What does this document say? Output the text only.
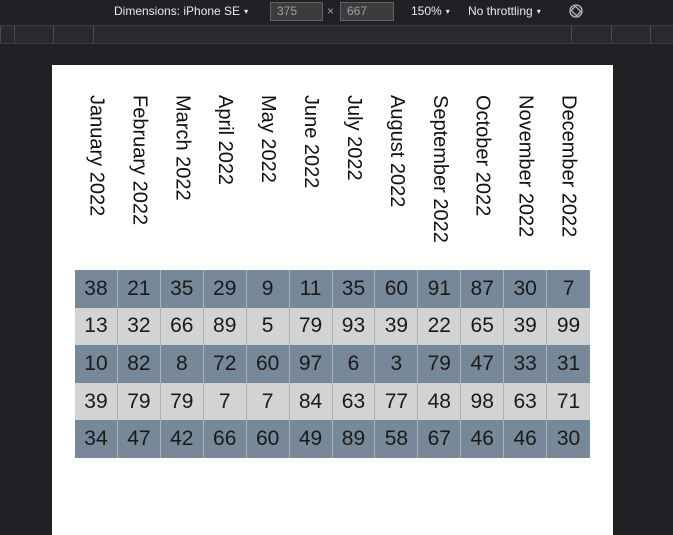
Dimensions: iPhone SE ▾	375	×	667	150% ▾ No throttling ▾
January 2022 February 2022 March 2022 April 2022 May 2022 June 2022 July 2022 August 2022 September 2022 October 2022 November 2022 December 2022
38 21 35 29	9	11 35 60 91 87 30	7
13 32 66 89	5	79 93 39 22 65 39 99
10 82	8	72 60 97	6	3	79 47 33 31
39 79 79	7	7	84 63 77 48 98 63 71
34 47 42 66 60 49 89 58 67 46 46 30
